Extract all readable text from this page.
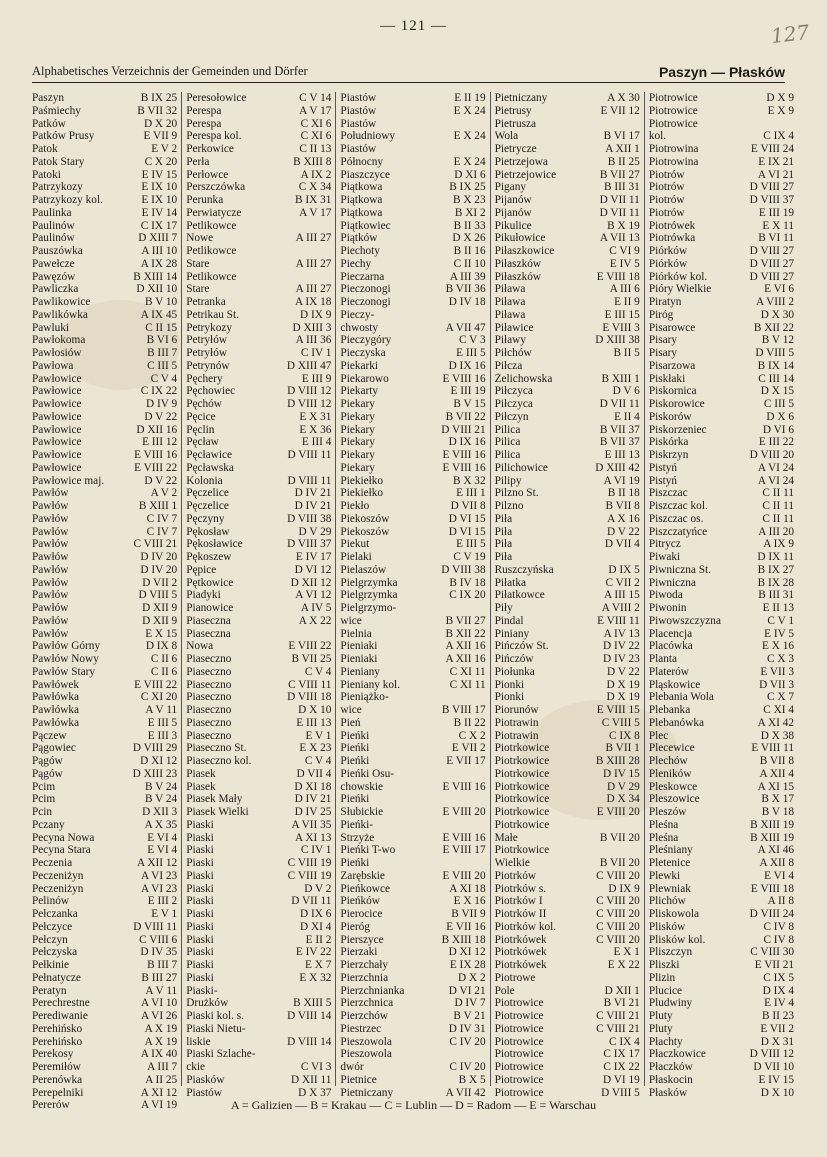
— 121 —	127
Alphabetisches Verzeichnis der Gemeinden und Dörfer	Paszyn — Płasków
Paszyn	B IX 25
Paśmiechy	B VII 32
Patków	D X 20
Patków Prusy	E VII 9
Patok	E V 2
Patok Stary	C X 20
Patoki	E IV 15
Patrzykozy	E IX 10
Patrzykozy kol.	E IX 10
Paulinka	E IV 14
Paulinów	C IX 17
Paulinów	D XIII 7
Pauszówka	A III 10
Pawełcze	A IX 28
Pawęzów	B XIII 14
Pawliczka	D XII 10
Pawlikowice	B V 10
Pawlikówka	A IX 45
Pawluki	C II 15
Pawłokoma	B VI 6
Pawłosiów	B III 7
Pawłowa	C III 5
Pawłowice	C V 4
Pawłowice	C IX 22
Pawłowice	D IV 9
Pawłowice	D V 22
Pawłowice	D XII 16
Pawłowice	E III 12
Pawłowice	E VIII 16
Pawłowice	E VIII 22
Pawłowice maj.	D V 22
Pawłów	A V 2
Pawłów	B XIII 1
Pawłów	C IV 7
Pawłów	C IV 7
Pawłów	C VIII 21
Pawłów	D IV 20
Pawłów	D IV 20
Pawłów	D VII 2
Pawłów	D VIII 5
Pawłów	D XII 9
Pawłów	D XII 9
Pawłów	E X 15
Pawłów Górny	D IX 8
Pawłów Nowy	C II 6
Pawłów Stary	C II 6
Pawłówek	E VIII 22
Pawłówka	C XI 20
Pawłówka	A V 11
Pawłówka	E III 5
Pączew	E III 3
Pągowiec	D VIII 29
Pągów	D XI 12
Pągów	D XIII 23
Pcim	B V 24
Pcim	B V 24
Pcin	D XII 3
Pczany	A X 35
Pecyna Nowa	E VI 4
Pecyna Stara	E VI 4
Peczenia	A XII 12
Peczeniżyn	A VI 23
Peczeniżyn	A VI 23
Pelinów	E III 2
Pełczanka	E V 1
Pełczyce	D VIII 11
Pełczyn	C VIII 6
Pełczyska	D IV 35
Pełkinie	B III 7
Pełnatycze	B III 27
Peratyn	A V 11
Perechrestne	A VI 10
Perediwanie	A VI 26
Perehińsko	A X 19
Perehińsko	A X 19
Perekosy	A IX 40
Peremiłów	A III 7
Perenówka	A II 25
Perepelniki	A XI 12
Pererów	A VI 19
Peresołowice	C V 14
Perespa	A V 17
Perespa	C XI 6
Perespa kol.	C XI 6
Perkowice	C II 13
Perła	B XIII 8
Perłowce	A IX 2
Perszczówka	C X 34
Perunka	B IX 31
Perwiatycze	A V 17
Petlikowce
Nowe	A III 27
Petlikowce
Stare	A III 27
Petlikowce
Stare	A III 27
Petranka	A IX 18
Petrikau St.	D IX 9
Petrykozy	D XIII 3
Petryłów	A III 36
Petryłów	C IV 1
Petrynów	D XIII 47
Pęchery	E III 9
Pęchowiec	D VIII 12
Pęchów	D VIII 12
Pęcice	E X 31
Pęclin	E X 36
Pęcław	E III 4
Pęcławice	D VIII 11
Pęcławska
Kolonia	D VIII 11
Pęczelice	D IV 21
Pęczelice	D IV 21
Pęczyny	D VIII 38
Pękosław	D V 29
Pękosławice	D VIII 37
Pękoszew	E IV 17
Pępice	D VI 12
Pętkowice	D XII 12
Piadyki	A VI 12
Pianowice	A IV 5
Piaseczna	A X 22
Piaseczna
Nowa	E VIII 22
Piaseczno	B VII 25
Piaseczno	C V 4
Piaseczno	C VIII 11
Piaseczno	D VIII 18
Piaseczno	D X 10
Piaseczno	E III 13
Piaseczno	E V 1
Piaseczno St.	E X 23
Piaseczno kol.	C V 4
Piasek	D VII 4
Piasek	D XI 18
Piasek Mały	D IV 21
Piasek Wielki	D IV 25
Piaski	A VII 35
Piaski	A XI 13
Piaski	C IV 1
Piaski	C VIII 19
Piaski	C VIII 19
Piaski	D V 2
Piaski	D VII 11
Piaski	D IX 6
Piaski	D XI 4
Piaski	E II 2
Piaski	E IV 22
Piaski	E X 7
Piaski	E X 32
Piaski-
Drużków	B XIII 5
Piaski kol. s.	D VIII 14
Piaski Nietu-
liskie	D VIII 14
Piaski Szlache-
ckie	C VI 3
Piasków	D XII 11
Piastów	D X 37
Piastów	E II 19
Piastów	E X 24
Piastów
Południowy	E X 24
Piastów
Północny	E X 24
Piaszczyce	D XI 6
Piątkowa	B IX 25
Piątkowa	B X 23
Piątkowa	B XI 2
Piątkowiec	B II 33
Piątków	D X 26
Piechoty	B II 16
Piechy	C II 10
Pieczarna	A III 39
Pieczonogi	B VII 36
Pieczonogi	D IV 18
Pieczy-
chwosty	A VII 47
Pieczygóry	C V 3
Pieczyska	E III 5
Piekarki	D IX 16
Piekarowo	E VIII 16
Piekarty	E III 19
Piekary	B V 15
Piekary	B VII 22
Piekary	D VIII 21
Piekary	D IX 16
Piekary	E VIII 16
Piekary	E VIII 16
Piekiełko	B X 32
Piekiełko	E III 1
Piekło	D VII 8
Piekoszów	D VI 15
Piekoszów	D VI 15
Piekut	E III 5
Pielaki	C V 19
Pielaszów	D VIII 38
Pielgrzymka	B IV 18
Pielgrzymka	C IX 20
Pielgrzymo-
wice	B VII 27
Pielnia	B XII 22
Pieniaki	A XII 16
Pieniaki	A XII 16
Pieniany	C XI 11
Pieniany kol.	C XI 11
Pieniążko-
wice	B VIII 17
Pień	B II 22
Pieńki	C X 2
Pieńki	E VII 2
Pieńki	E VII 17
Pieńki Osu-
chowskie	E VIII 16
Pieńki
Słubickie	E VIII 20
Pieńki-
Strzyże	E VIII 16
Pieńki T-wo	E VIII 17
Pieńki
Zarębskie	E VIII 20
Pieńkowce	A XI 18
Pieńków	E X 16
Pierocice	B VII 9
Pieróg	E VII 16
Pierszyce	B XIII 18
Pierzaki	D XI 12
Pierzchały	E IX 28
Pierzchnia	D X 2
Pierzchnianka	D VI 21
Pierzchnica	D IV 7
Pierzchów	B V 21
Piestrzec	D IV 31
Pieszowola	C IV 20
Pieszowola
dwór	C IV 20
Pietnice	B X 5
Pietniczany	A VII 42
Pietniczany	A X 30
Pietrusy	E VII 12
Pietrusza
Wola	B VI 17
Pietrycze	A XII 1
Pietrzejowa	B II 25
Pietrzejowice	B VII 27
Pigany	B III 31
Pijanów	D VII 11
Pijanów	D VII 11
Pikulice	B X 19
Pikułowice	A VII 13
Piłaszkowice	C VI 9
Piłaszków	E IV 5
Piłaszków	E VIII 18
Piława	A III 6
Piława	E II 9
Piława	E III 15
Piławice	E VIII 3
Piławy	D XIII 38
Piłchów	B II 5
Piłcza
Żelichowska	B XIII 1
Piłczyca	D V 6
Piłczyca	D VII 11
Piłczyn	E II 4
Pilica	B VII 37
Pilica	B VII 37
Pilica	E III 13
Pilichowice	D XIII 42
Pilipy	A VI 19
Pilzno St.	B II 18
Pilzno	B VII 8
Piła	A X 16
Piła	D V 22
Piła	D VII 4
Piła
Ruszczyńska	D IX 5
Piłatka	C VII 2
Piłatkowce	A III 15
Piły	A VIII 2
Pindal	E VIII 11
Piniany	A IV 13
Pińczów St.	D IV 22
Pińczów	D IV 23
Piołunka	D V 22
Pionki	D X 19
Pionki	D X 19
Piorunów	E VIII 15
Piotrawin	C VIII 5
Piotrawin	C IX 8
Piotrkowice	B VII 1
Piotrkowice	B XIII 28
Piotrkowice	D IV 15
Piotrkowice	D V 29
Piotrkowice	D X 34
Piotrkowice	E VIII 20
Piotrkowice
Małe	B VII 20
Piotrkowice
Wielkie	B VII 20
Piotrków	C VIII 20
Piotrków s.	D IX 9
Piotrków I	C VIII 20
Piotrków II	C VIII 20
Piotrków kol.	C VIII 20
Piotrkówek	C VIII 20
Piotrkówek	E X 1
Piotrkówek	E X 22
Piotrowe
Pole	D XII 1
Piotrowice	B VI 21
Piotrowice	C VIII 21
Piotrowice	C VIII 21
Piotrowice	C IX 4
Piotrowice	C IX 17
Piotrowice	C IX 22
Piotrowice	D VI 19
Piotrowice	D VIII 5
Piotrowice	D X 9
Piotrowice	E X 9
Piotrowice
kol.	C IX 4
Piotrowina	E VIII 24
Piotrowina	E IX 21
Piotrów	A VI 21
Piotrów	D VIII 27
Piotrów	D VIII 37
Piotrów	E III 19
Piotrówek	E X 11
Piotrówka	B VI 11
Piórków	D VIII 27
Piórków	D VIII 27
Piórków kol.	D VIII 27
Pióry Wielkie	E VI 6
Piratyn	A VIII 2
Piróg	D X 30
Pisarowce	B XII 22
Pisary	B V 12
Pisary	D VIII 5
Pisarzowa	B IX 14
Piskłaki	C III 14
Piskornica	D X 15
Piskorowice	C III 5
Piskorów	D X 6
Piskorzeniec	D VI 6
Piskórka	E III 22
Piskrzyn	D VIII 20
Pistyń	A VI 24
Pistyń	A VI 24
Piszczac	C II 11
Piszczac kol.	C II 11
Piszczac os.	C II 11
Piszczatyńce	A III 20
Pitrycz	A IX 9
Piwaki	D IX 11
Piwniczna St.	B IX 27
Piwniczna	B IX 28
Piwoda	B III 31
Piwonin	E II 13
Piwowszczyzna	C V 1
Placencja	E IV 5
Placówka	E X 16
Planta	C X 3
Platerów	E VII 3
Pląskowice	D VII 3
Plebania Wola	C X 7
Plebanka	C XI 4
Plebanówka	A XI 42
Plec	D X 38
Plecewice	E VIII 11
Plechów	B VII 8
Pleników	A XII 4
Pleskowce	A XI 15
Pleszowice	B X 17
Pleszów	B V 18
Pleśna	B XIII 19
Pleśna	B XIII 19
Pleśniany	A XI 46
Pletenice	A XII 8
Plewki	E VI 4
Plewniak	E VIII 18
Plichów	A II 8
Pliskowola	D VIII 24
Plisków	C IV 8
Plisków kol.	C IV 8
Pliszczyn	C VIII 30
Pliszki	E VII 21
Plizin	C IX 5
Plucice	D IX 4
Pludwiny	E IV 4
Pluty	B II 23
Pluty	E VII 2
Płachty	D X 31
Płaczkowice	D VIII 12
Płaczków	D VII 10
Płaskocin	E IV 15
Płasków	D X 10
A = Galizien — B = Krakau — C = Lublin — D = Radom — E = Warschau
